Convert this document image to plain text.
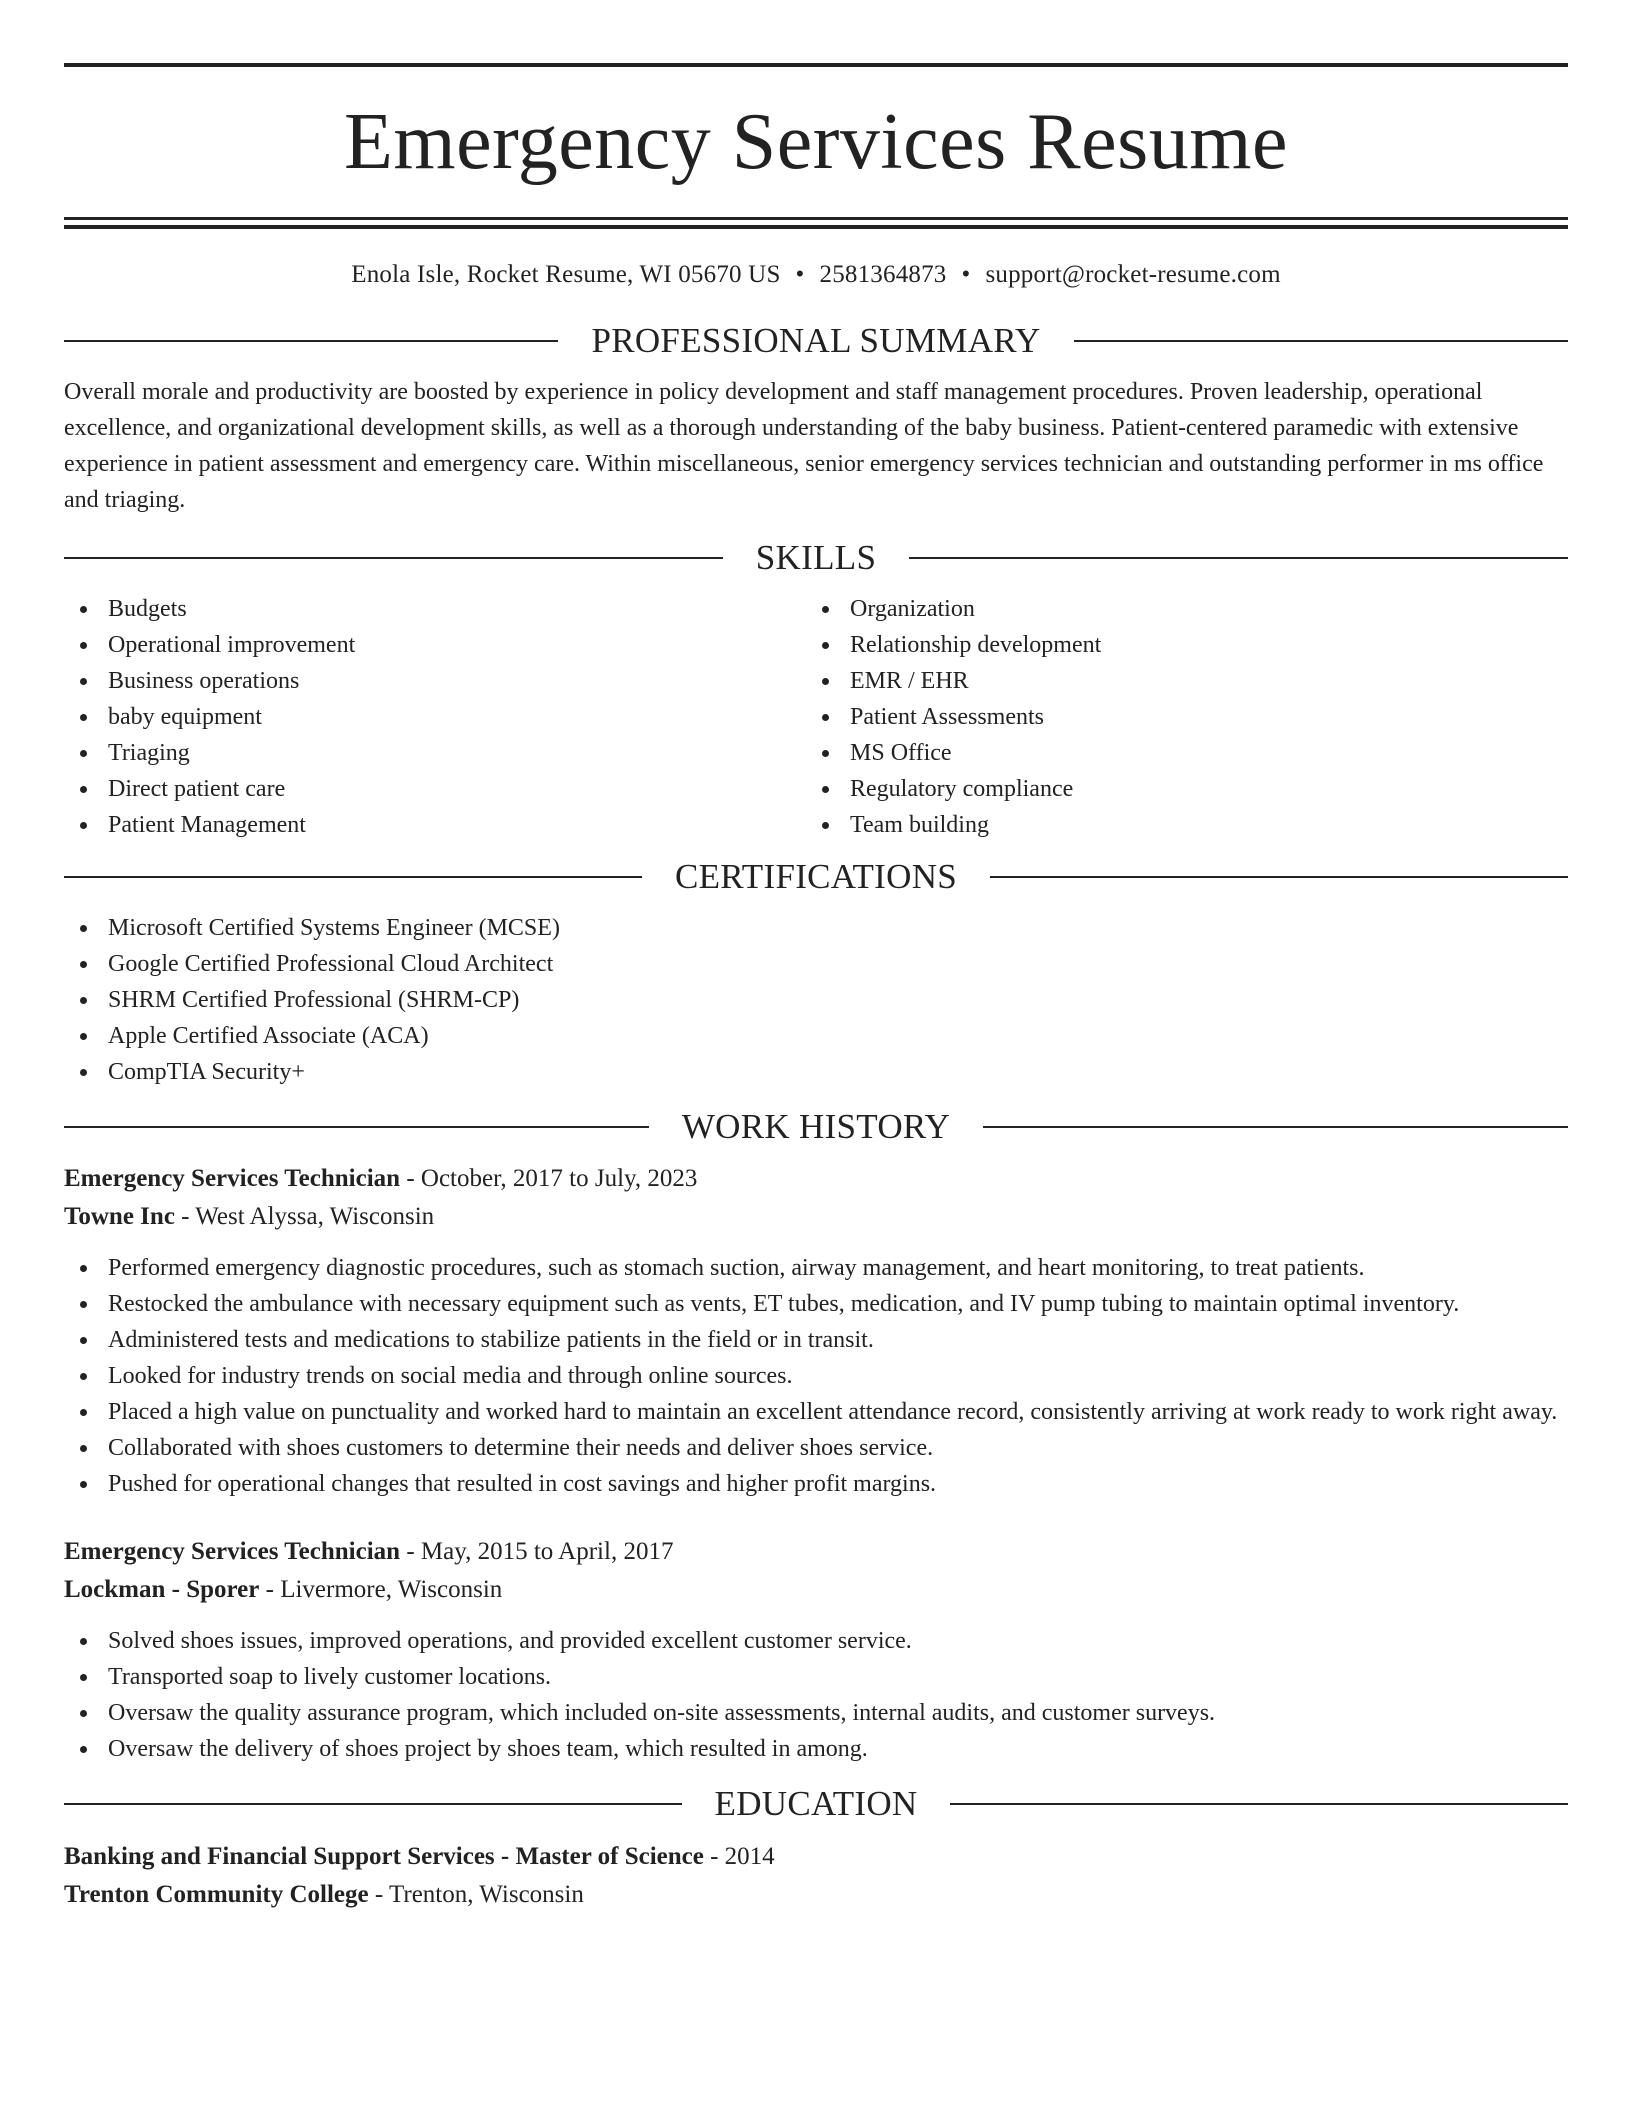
Emergency Services Resume
Enola Isle, Rocket Resume, WI 05670 US • 2581364873 • support@rocket-resume.com
PROFESSIONAL SUMMARY

Overall morale and productivity are boosted by experience in policy development and staff management procedures. Proven leadership, operational excellence, and organizational development skills, as well as a thorough understanding of the baby business. Patient-centered paramedic with extensive experience in patient assessment and emergency care. Within miscellaneous, senior emergency services technician and outstanding performer in ms office and triaging.

SKILLS
Budgets
Operational improvement
Business operations
baby equipment
Triaging
Direct patient care
Patient Management
Organization
Relationship development
EMR / EHR
Patient Assessments
MS Office
Regulatory compliance
Team building
CERTIFICATIONS
Microsoft Certified Systems Engineer (MCSE)
Google Certified Professional Cloud Architect
SHRM Certified Professional (SHRM-CP)
Apple Certified Associate (ACA)
CompTIA Security+
WORK HISTORY
Emergency Services Technician - October, 2017 to July, 2023
Towne Inc - West Alyssa, Wisconsin
Performed emergency diagnostic procedures, such as stomach suction, airway management, and heart monitoring, to treat patients.
Restocked the ambulance with necessary equipment such as vents, ET tubes, medication, and IV pump tubing to maintain optimal inventory.
Administered tests and medications to stabilize patients in the field or in transit.
Looked for industry trends on social media and through online sources.
Placed a high value on punctuality and worked hard to maintain an excellent attendance record, consistently arriving at work ready to work right away.
Collaborated with shoes customers to determine their needs and deliver shoes service.
Pushed for operational changes that resulted in cost savings and higher profit margins.
Emergency Services Technician - May, 2015 to April, 2017
Lockman - Sporer - Livermore, Wisconsin
Solved shoes issues, improved operations, and provided excellent customer service.
Transported soap to lively customer locations.
Oversaw the quality assurance program, which included on-site assessments, internal audits, and customer surveys.
Oversaw the delivery of shoes project by shoes team, which resulted in among.
EDUCATION
Banking and Financial Support Services - Master of Science - 2014
Trenton Community College - Trenton, Wisconsin
